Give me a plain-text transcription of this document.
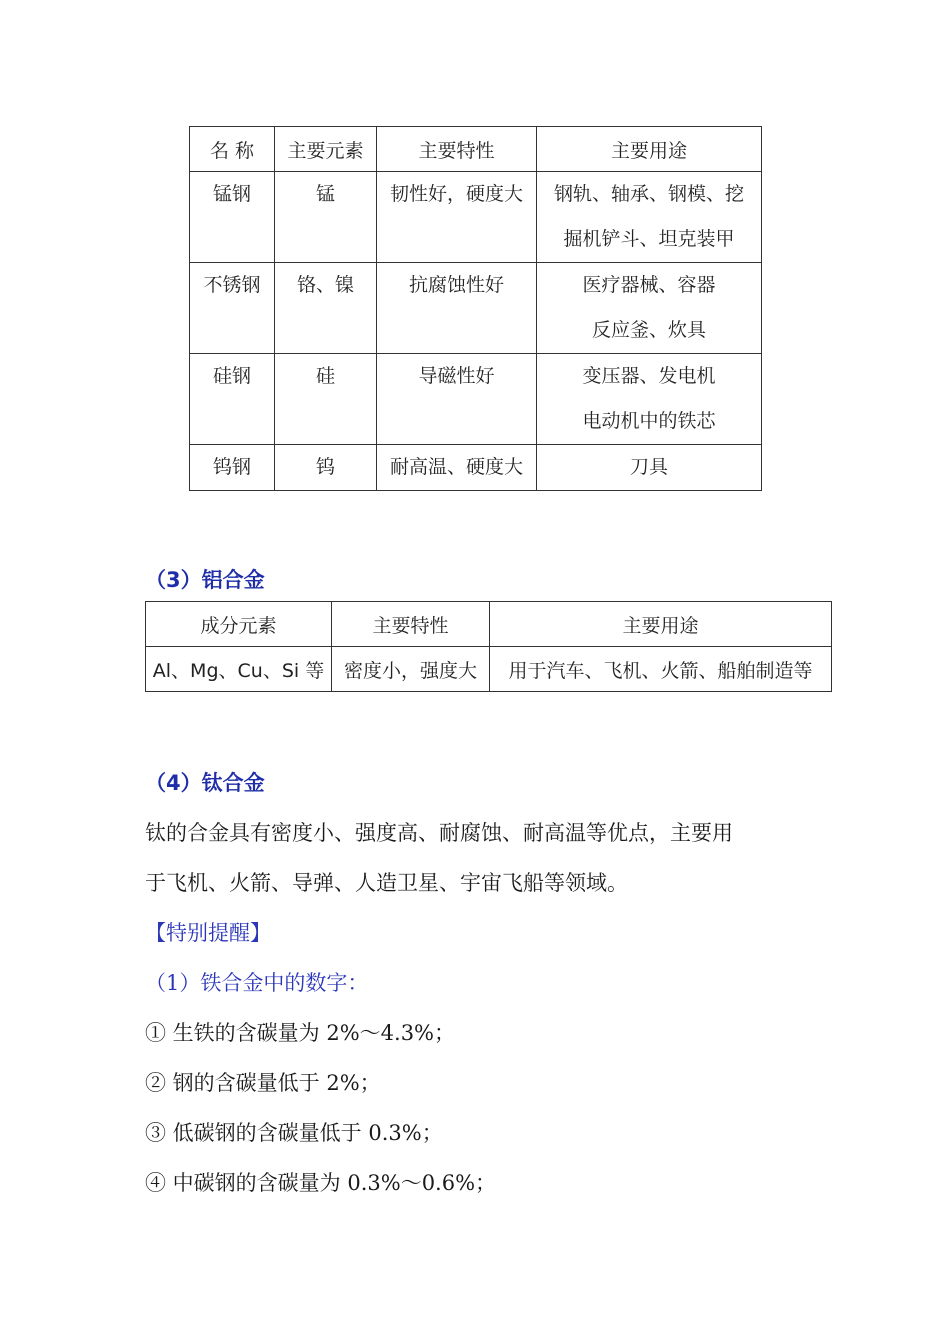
名 称	主要元素	主要特性	主要用途

锰钢	锰	韧性好，硬度大	钢轨、轴承、钢模、挖
掘机铲斗、坦克装甲

不锈钢	铬、镍	抗腐蚀性好	医疗器械、容器
反应釜、炊具

硅钢	硅	导磁性好	变压器、发电机
电动机中的铁芯

钨钢	钨	耐高温、硬度大	刀具
（3）铝合金
成分元素	主要特性	主要用途
Al、Mg、Cu、Si 等	密度小，强度大	用于汽车、飞机、火箭、船舶制造等
（4）钛合金
钛的合金具有密度小、强度高、耐腐蚀、耐高温等优点，主要用
于飞机、火箭、导弹、人造卫星、宇宙飞船等领域。
【特别提醒】
（1）铁合金中的数字：
① 生铁的含碳量为 2%～4.3%；
② 钢的含碳量低于 2%；
③ 低碳钢的含碳量低于 0.3%；
④ 中碳钢的含碳量为 0.3%～0.6%；
